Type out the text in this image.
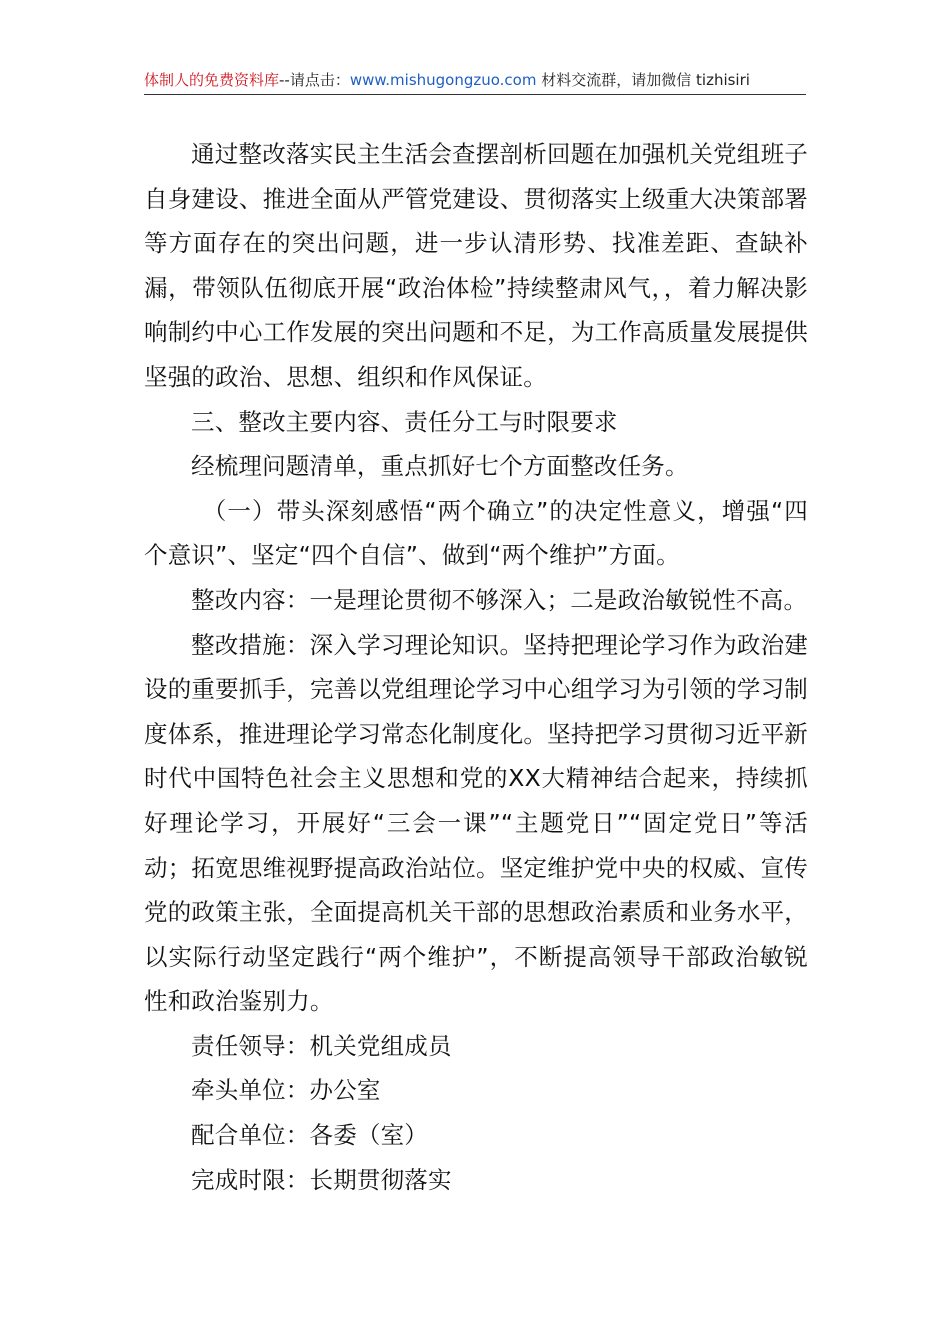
体制人的免费资料库--请点击：www.mishugongzuo.com 材料交流群，请加微信 tizhisiri

通过整改落实民主生活会查摆剖析回题在加强机关党组班子自身建设、推进全面从严管党建设、贯彻落实上级重大决策部署等方面存在的突出问题，进一步认清形势、找准差距、查缺补漏，带领队伍彻底开展“政治体检”持续整肃风气，，着力解决影响制约中心工作发展的突出问题和不足，为工作高质量发展提供坚强的政治、思想、组织和作风保证。

三、整改主要内容、责任分工与时限要求

经梳理问题清单，重点抓好七个方面整改任务。

（一）带头深刻感悟“两个确立”的决定性意义，增强“四个意识”、坚定“四个自信”、做到“两个维护”方面。

整改内容：一是理论贯彻不够深入；二是政治敏锐性不高。

整改措施：深入学习理论知识。坚持把理论学习作为政治建设的重要抓手，完善以党组理论学习中心组学习为引领的学习制度体系，推进理论学习常态化制度化。坚持把学习贯彻习近平新时代中国特色社会主义思想和党的XX大精神结合起来，持续抓好理论学习，开展好“三会一课”“主题党日”“固定党日”等活动；拓宽思维视野提高政治站位。坚定维护党中央的权威、宣传党的政策主张，全面提高机关干部的思想政治素质和业务水平，以实际行动坚定践行“两个维护”，不断提高领导干部政治敏锐性和政治鉴别力。

责任领导：机关党组成员

牵头单位：办公室

配合单位：各委（室）

完成时限：长期贯彻落实
